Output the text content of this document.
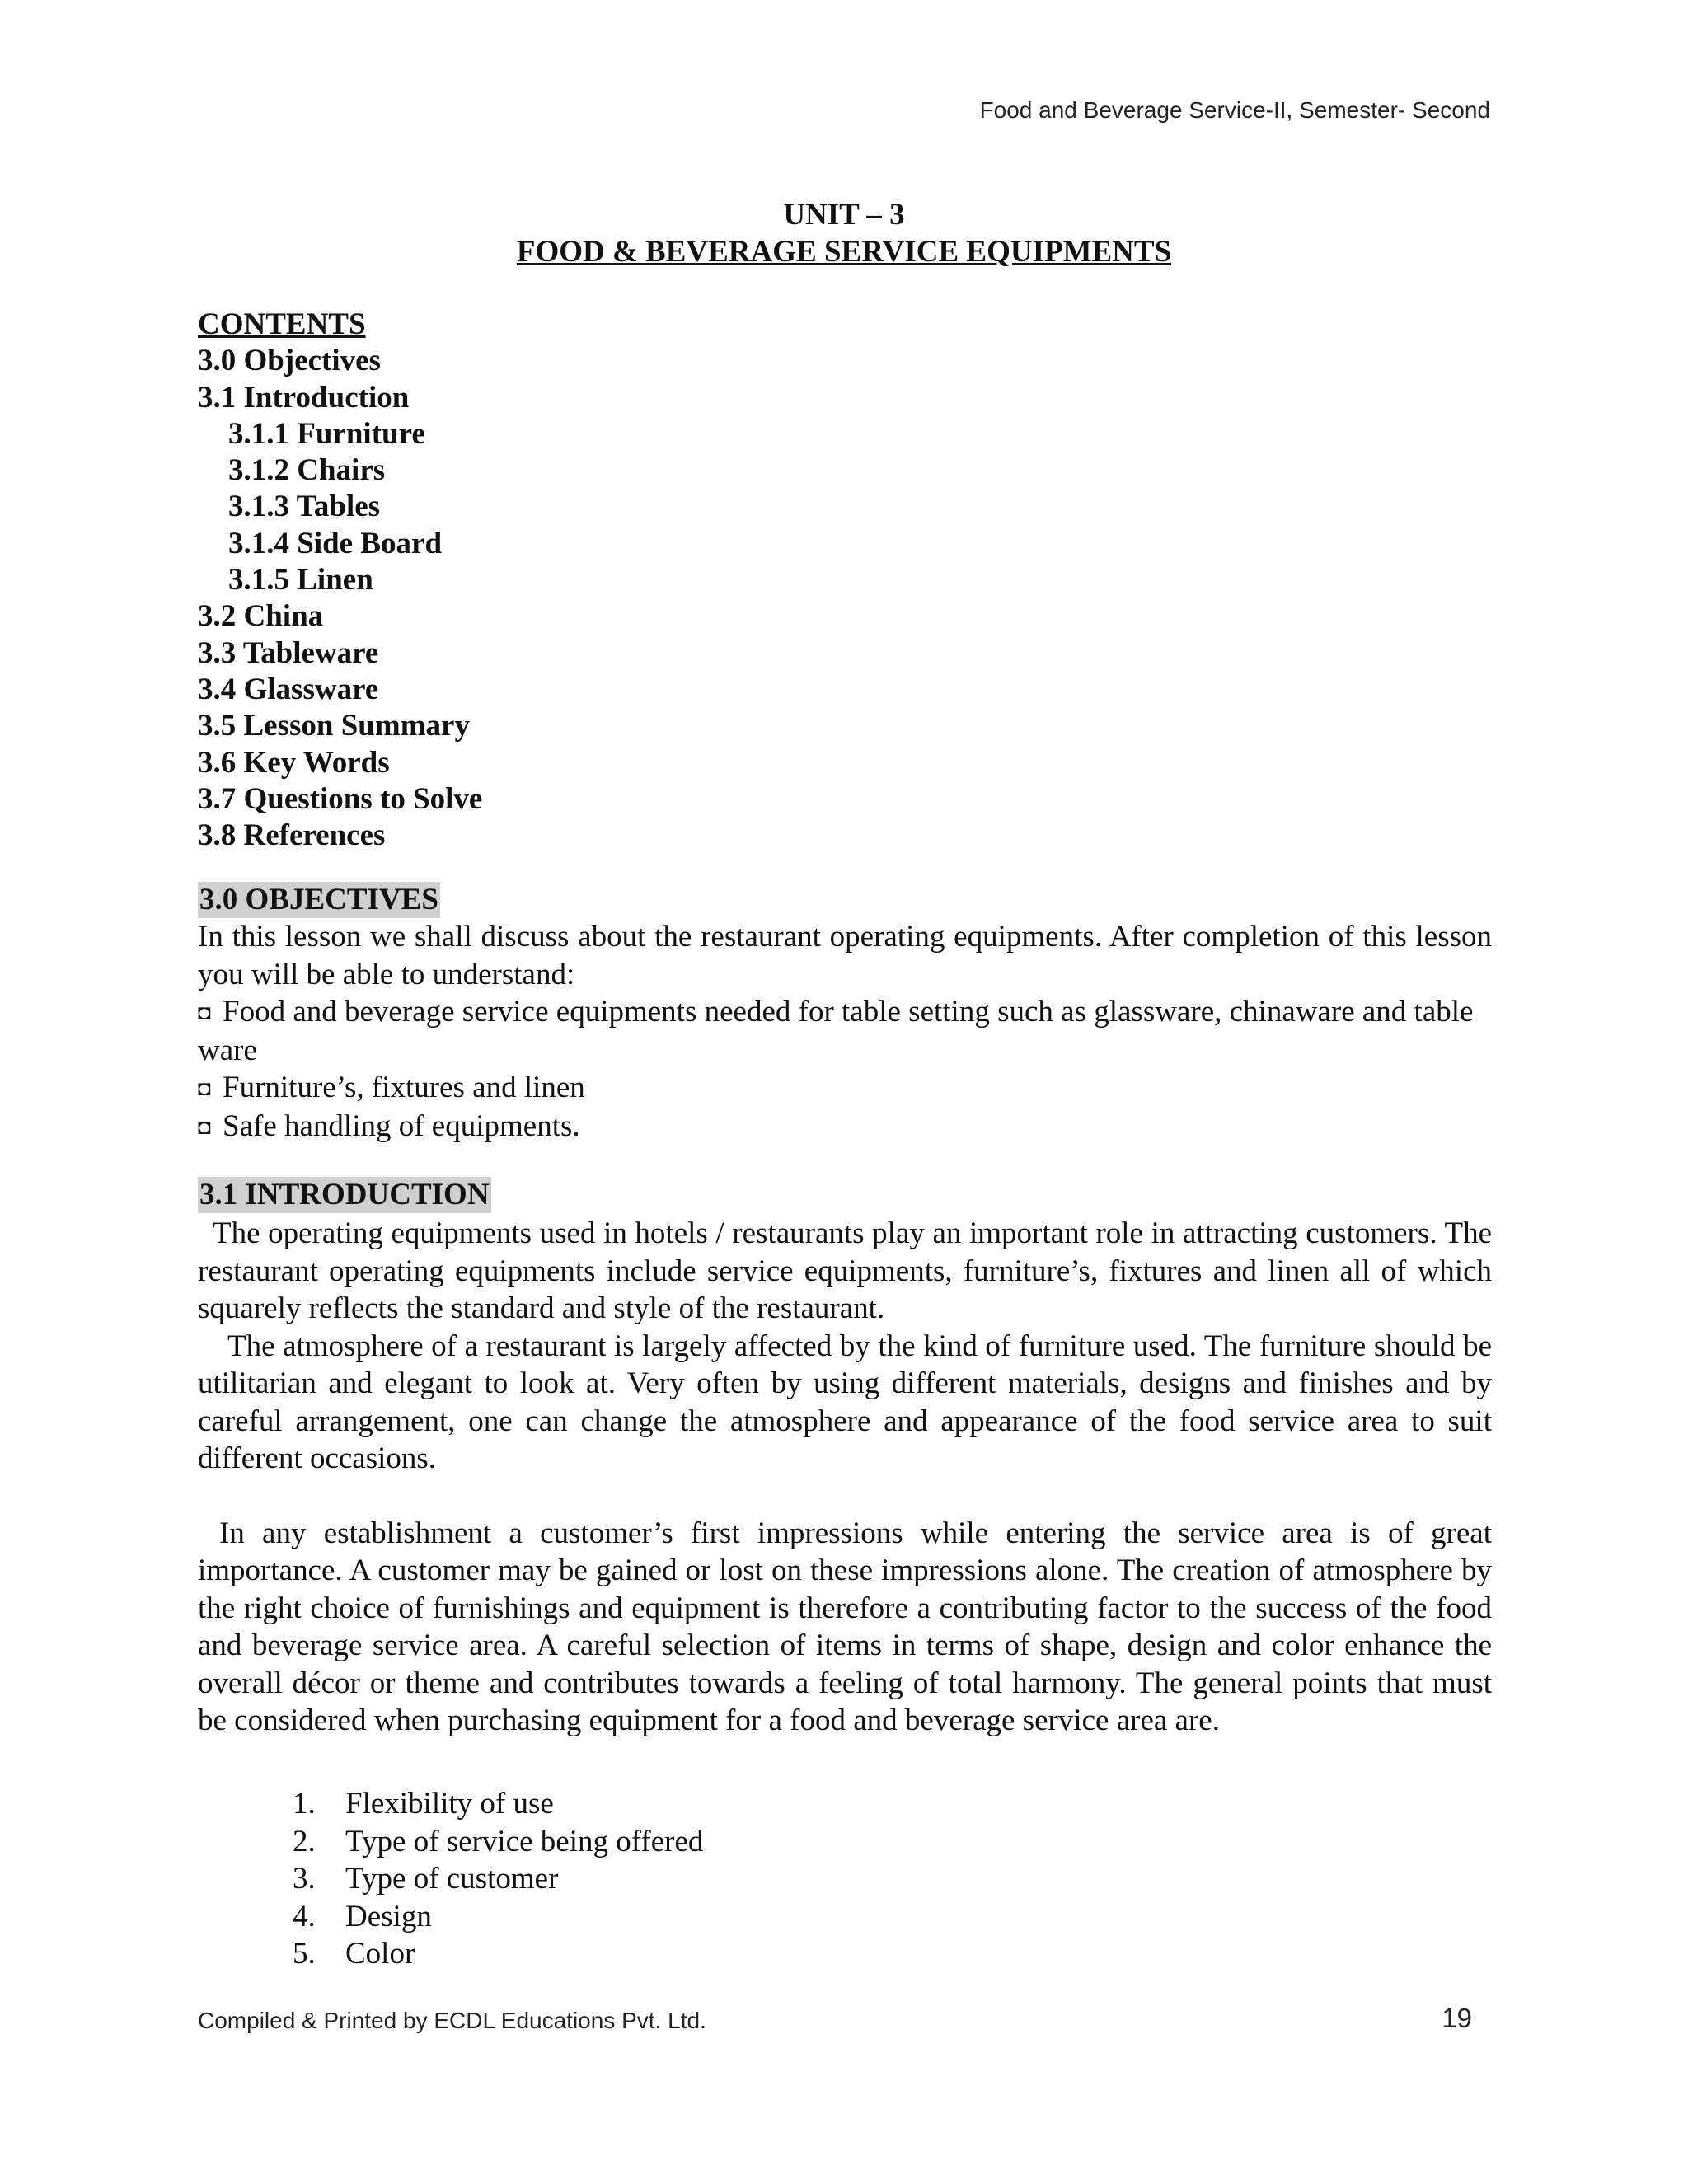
Food and Beverage Service-II, Semester- Second
UNIT – 3
FOOD & BEVERAGE SERVICE EQUIPMENTS
CONTENTS
3.0 Objectives
3.1 Introduction
3.1.1 Furniture
3.1.2 Chairs
3.1.3 Tables
3.1.4 Side Board
3.1.5 Linen
3.2 China
3.3 Tableware
3.4 Glassware
3.5 Lesson Summary
3.6 Key Words
3.7 Questions to Solve
3.8 References
3.0 OBJECTIVES

In this lesson we shall discuss about the restaurant operating equipments. After completion of this lesson you will be able to understand:

◘ Food and beverage service equipments needed for table setting such as glassware, chinaware and table ware

◘ Furniture’s, fixtures and linen

◘ Safe handling of equipments.

3.1 INTRODUCTION

The operating equipments used in hotels / restaurants play an important role in attracting customers. The restaurant operating equipments include service equipments, furniture’s, fixtures and linen all of which squarely reflects the standard and style of the restaurant.

The atmosphere of a restaurant is largely affected by the kind of furniture used. The furniture should be utilitarian and elegant to look at. Very often by using different materials, designs and finishes and by careful arrangement, one can change the atmosphere and appearance of the food service area to suit different occasions.

In any establishment a customer’s first impressions while entering the service area is of great importance. A customer may be gained or lost on these impressions alone. The creation of atmosphere by the right choice of furnishings and equipment is therefore a contributing factor to the success of the food and beverage service area. A careful selection of items in terms of shape, design and color enhance the overall décor or theme and contributes towards a feeling of total harmony. The general points that must be considered when purchasing equipment for a food and beverage service area are.

1. Flexibility of use
2. Type of service being offered
3. Type of customer
4. Design
5. Color
Compiled & Printed by ECDL Educations Pvt. Ltd.	19
